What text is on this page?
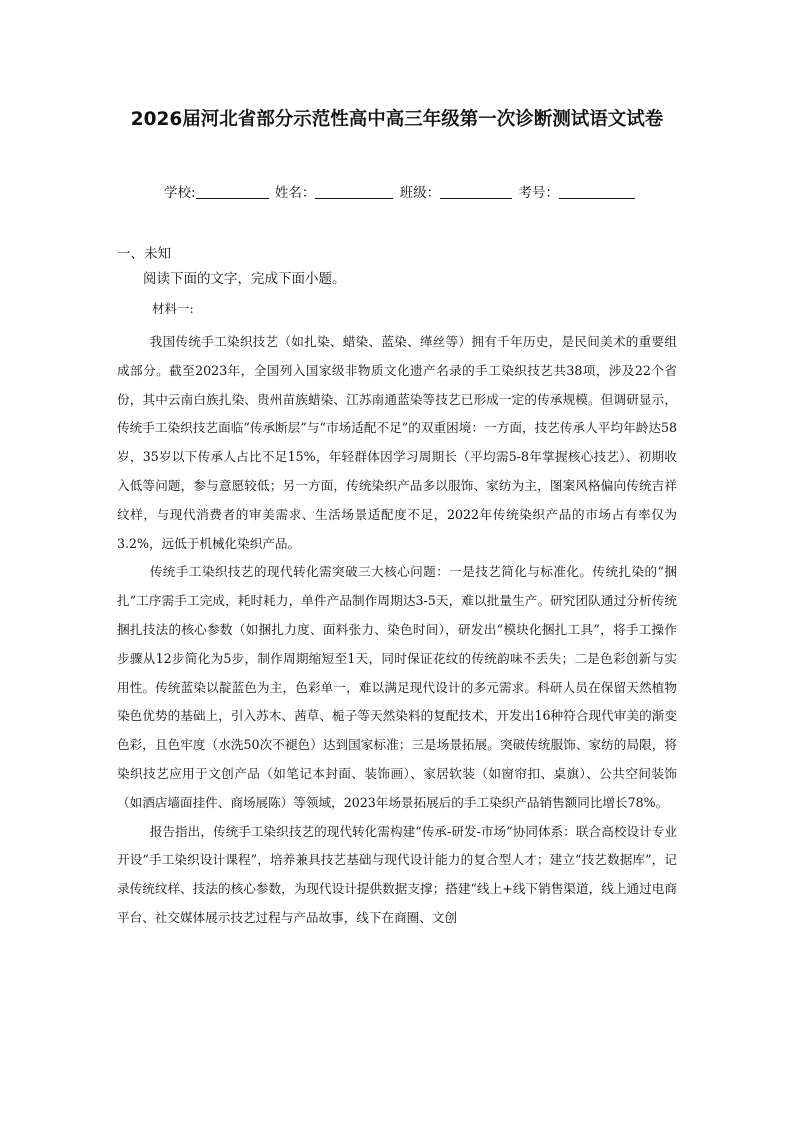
2026届河北省部分示范性高中高三年级第一次诊断测试语文试卷
学校:	姓名：	班级：	考号：
一、未知
阅读下面的文字，完成下面小题。
材料一:

我国传统手工染织技艺（如扎染、蜡染、蓝染、缂丝等）拥有千年历史，是民间美术的重要组成部分。截至2023年，全国列入国家级非物质文化遗产名录的手工染织技艺共38项，涉及22个省份，其中云南白族扎染、贵州苗族蜡染、江苏南通蓝染等技艺已形成一定的传承规模。但调研显示，传统手工染织技艺面临“传承断层”与“市场适配不足”的双重困境：一方面，技艺传承人平均年龄达58岁，35岁以下传承人占比不足15%，年轻群体因学习周期长（平均需5-8年掌握核心技艺）、初期收入低等问题，参与意愿较低；另一方面，传统染织产品多以服饰、家纺为主，图案风格偏向传统吉祥纹样，与现代消费者的审美需求、生活场景适配度不足，2022年传统染织产品的市场占有率仅为3.2%，远低于机械化染织产品。

传统手工染织技艺的现代转化需突破三大核心问题：一是技艺简化与标准化。传统扎染的“捆扎”工序需手工完成，耗时耗力，单件产品制作周期达3-5天，难以批量生产。研究团队通过分析传统捆扎技法的核心参数（如捆扎力度、面料张力、染色时间），研发出“模块化捆扎工具”，将手工操作步骤从12步简化为5步，制作周期缩短至1天，同时保证花纹的传统韵味不丢失；二是色彩创新与实用性。传统蓝染以靛蓝色为主，色彩单一，难以满足现代设计的多元需求。科研人员在保留天然植物染色优势的基础上，引入苏木、茜草、栀子等天然染料的复配技术，开发出16种符合现代审美的渐变色彩，且色牢度（水洗50次不褪色）达到国家标准；三是场景拓展。突破传统服饰、家纺的局限，将染织技艺应用于文创产品（如笔记本封面、装饰画）、家居软装（如窗帘扣、桌旗）、公共空间装饰（如酒店墙面挂件、商场展陈）等领域，2023年场景拓展后的手工染织产品销售额同比增长78%。

报告指出，传统手工染织技艺的现代转化需构建“传承-研发-市场”协同体系：联合高校设计专业开设“手工染织设计课程”，培养兼具技艺基础与现代设计能力的复合型人才；建立“技艺数据库”，记录传统纹样、技法的核心参数，为现代设计提供数据支撑；搭建“线上+线下销售渠道，线上通过电商平台、社交媒体展示技艺过程与产品故事，线下在商圈、文创
